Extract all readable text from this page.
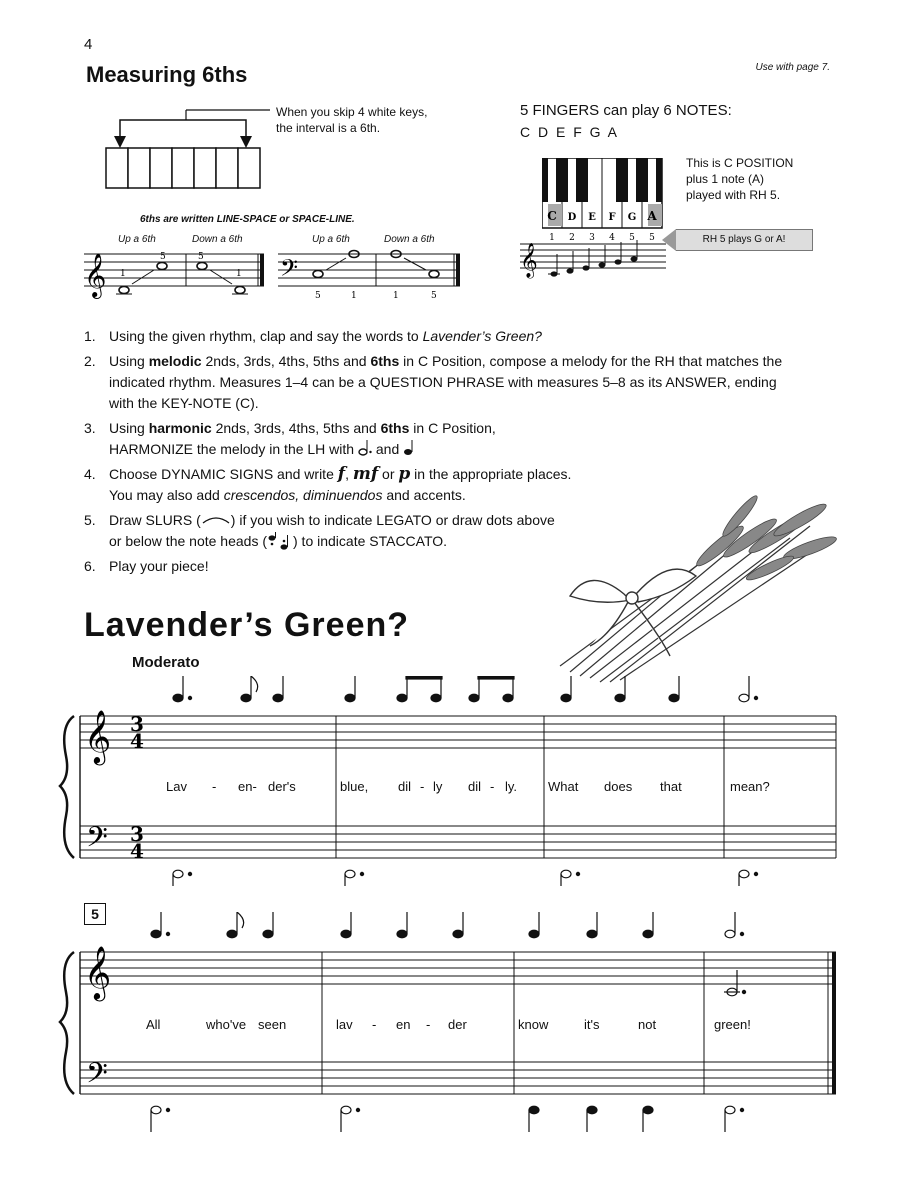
4
Use with page 7.
Measuring 6ths
When you skip 4 white keys,
the interval is a 6th.
5 FINGERS can play 6 NOTES:
C D E F G A
C D E F G A
1 2 3 4 5 5
This is C POSITION
plus 1 note (A)
played with RH 5.
RH 5 plays G or A!
𝄞
6ths are written LINE-SPACE or SPACE-LINE.
Up a 6th	Down a 6th
𝄞 1
5	5
1
Up a 6th	Down a 6th
𝄢
5	1	1	5
1. Using the given rhythm, clap and say the words to Lavender’s Green?
2. Using melodic 2nds, 3rds, 4ths, 5ths and 6ths in C Position, compose a melody for the RH that matches the indicated rhythm. Measures 1–4 can be a QUESTION PHRASE with measures 5–8 as its ANSWER, ending with the KEY-NOTE (C).
3. Using harmonic 2nds, 3rds, 4ths, 5ths and 6ths in C Position,
HARMONIZE the melody in the LH with and
4. Choose DYNAMIC SIGNS and write f, mf or p in the appropriate places.
You may also add crescendos, diminuendos and accents.
5. Draw SLURS ( ) if you wish to indicate LEGATO or draw dots above
or below the note heads ( ) to indicate STACCATO.
6. Play your piece!
Lavender’s Green?
Moderato
𝄞
𝄢
3
4
3
4
Lav - en- der's	blue, dil - ly dil - ly. What does that	mean?
5
𝄞
𝄢
All	who've seen	lav - en - der	know	it's	not	green!
